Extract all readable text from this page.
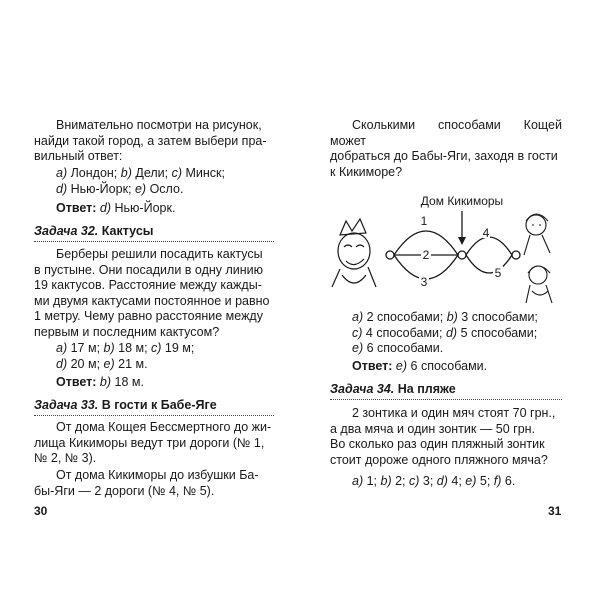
Внимательно посмотри на рисунок,
найди такой город, а затем выбери пра-
вильный ответ:
a) Лондон; b) Дели; c) Минск;
d) Нью-Йорк; e) Осло.
Ответ: d) Нью-Йорк.
Задача 32. Кактусы
Берберы решили посадить кактусы
в пустыне. Они посадили в одну линию
19 кактусов. Расстояние между кажды-
ми двумя кактусами постоянное и равно
1 метру. Чему равно расстояние между
первым и последним кактусом?
a) 17 м; b) 18 м; c) 19 м;
d) 20 м; e) 21 м.
Ответ: b) 18 м.
Задача 33. В гости к Бабе-Яге
От дома Кощея Бессмертного до жи-
лища Кикиморы ведут три дороги (№ 1,
№ 2, № 3).
От дома Кикиморы до избушки Ба-
бы-Яги — 2 дороги (№ 4, № 5).
30
Сколькими способами Кощей может
добраться до Бабы-Яги, заходя в гости
к Кикиморе?
Дом Кикиморы
1
2
3
4
5
a) 2 способами; b) 3 способами;
c) 4 способами; d) 5 способами;
e) 6 способами.
Ответ: e) 6 способами.
Задача 34. На пляже
2 зонтика и один мяч стоят 70 грн.,
а два мяча и один зонтик — 50 грн.
Во сколько раз один пляжный зонтик
стоит дороже одного пляжного мяча?
a) 1; b) 2; c) 3; d) 4; e) 5; f) 6.
31
